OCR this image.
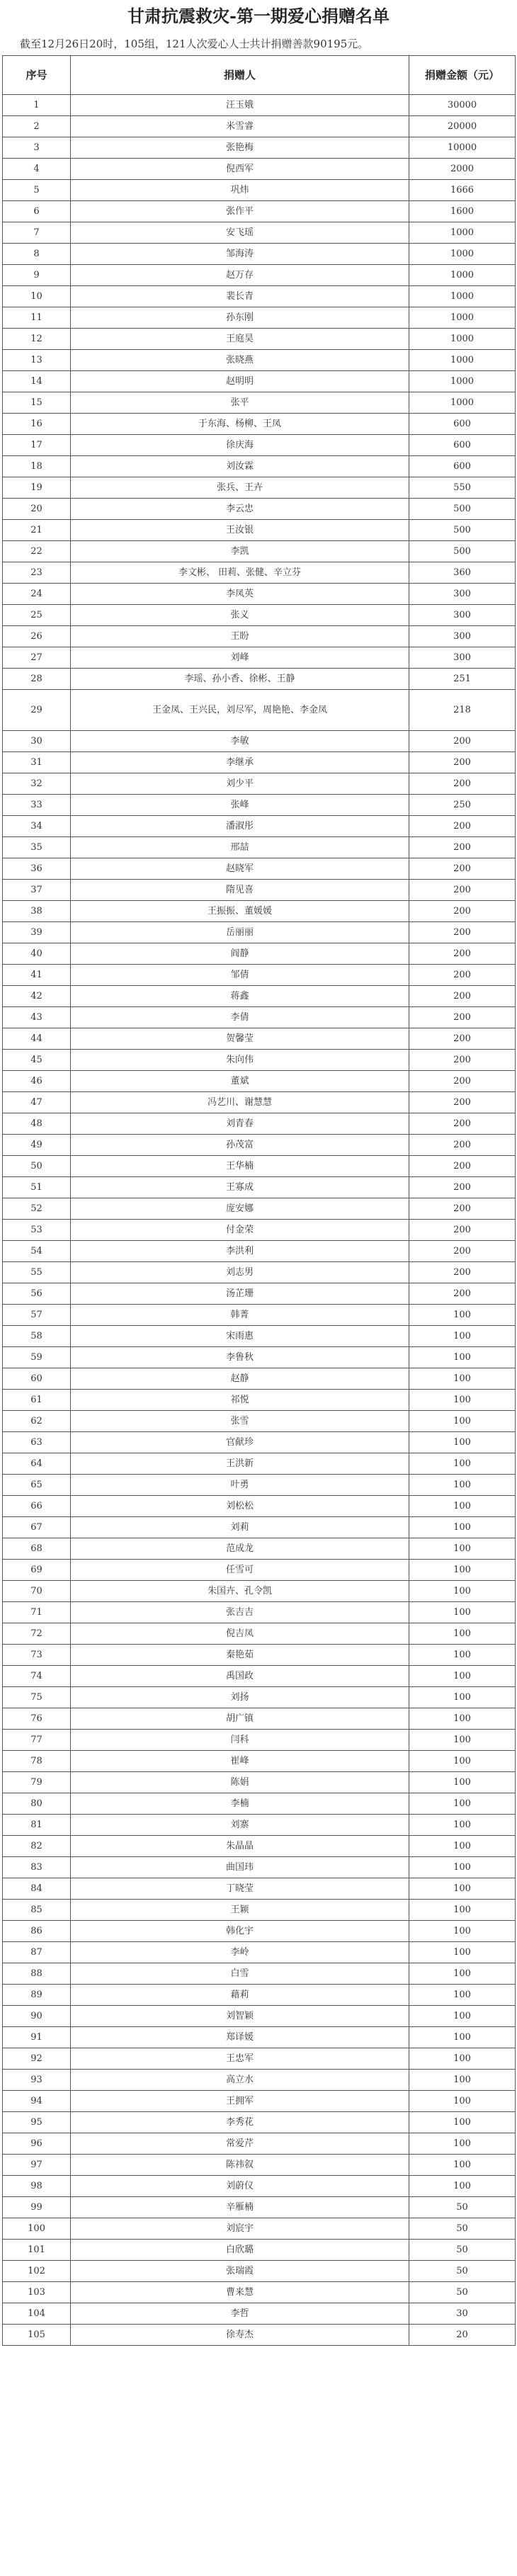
甘肃抗震救灾-第一期爱心捐赠名单
截至12月26日20时，105组，121人次爱心人士共计捐赠善款90195元。
序号	捐赠人	捐赠金额（元）
1	汪玉娥	30000
2	米雪睿	20000
3	张艳梅	10000
4	倪西军	2000
5	巩炜	1666
6	张作平	1600
7	安飞瑶	1000
8	邹海涛	1000
9	赵万存	1000
10	裴长青	1000
11	孙东刚	1000
12	王庭昊	1000
13	张晓燕	1000
14	赵明明	1000
15	张平	1000
16	于东海、杨柳、王凤	600
17	徐庆海	600
18	刘汝霖	600
19	张兵、王卉	550
20	李云忠	500
21	王汝银	500
22	李凯	500
23	李文彬、 田莉、张健、辛立芬	360
24	李凤英	300
25	张义	300
26	王盼	300
27	刘峰	300
28	李瑶、孙小香、徐彬、王静	251
29	王金凤、王兴民，刘尽军，周艳艳、李金凤	218
30	李敏	200
31	李继承	200
32	刘少平	200
33	张峰	250
34	潘淑彤	200
35	邢喆	200
36	赵晓军	200
37	隋见喜	200
38	王振振、董媛媛	200
39	岳丽丽	200
40	阎静	200
41	邹倩	200
42	蒋鑫	200
43	李倩	200
44	贺馨莹	200
45	朱向伟	200
46	董斌	200
47	冯艺川、谢慧慧	200
48	刘青春	200
49	孙茂富	200
50	王华楠	200
51	王寡成	200
52	庞安娜	200
53	付金荣	200
54	李洪利	200
55	刘志男	200
56	汤芷珊	200
57	韩菁	100
58	宋雨惠	100
59	李鲁秋	100
60	赵静	100
61	祁悦	100
62	张雪	100
63	官献珍	100
64	王洪新	100
65	叶勇	100
66	刘松松	100
67	刘莉	100
68	范成龙	100
69	任雪可	100
70	朱国卉、孔令凯	100
71	张吉吉	100
72	倪吉凤	100
73	秦艳茹	100
74	禹国政	100
75	刘扬	100
76	胡广镇	100
77	闫科	100
78	崔峰	100
79	陈娟	100
80	李楠	100
81	刘寨	100
82	朱晶晶	100
83	曲国玮	100
84	丁晓莹	100
85	王颖	100
86	韩化宇	100
87	李岭	100
88	白雪	100
89	藉莉	100
90	刘智颖	100
91	郑译媛	100
92	王忠军	100
93	高立水	100
94	王拥军	100
95	李秀花	100
96	常爱芹	100
97	陈祎叙	100
98	刘蔚仪	100
99	辛雁楠	50
100	刘宸宇	50
101	白欣璐	50
102	张瑞霞	50
103	曹来慧	50
104	李哲	30
105	徐寿杰	20
